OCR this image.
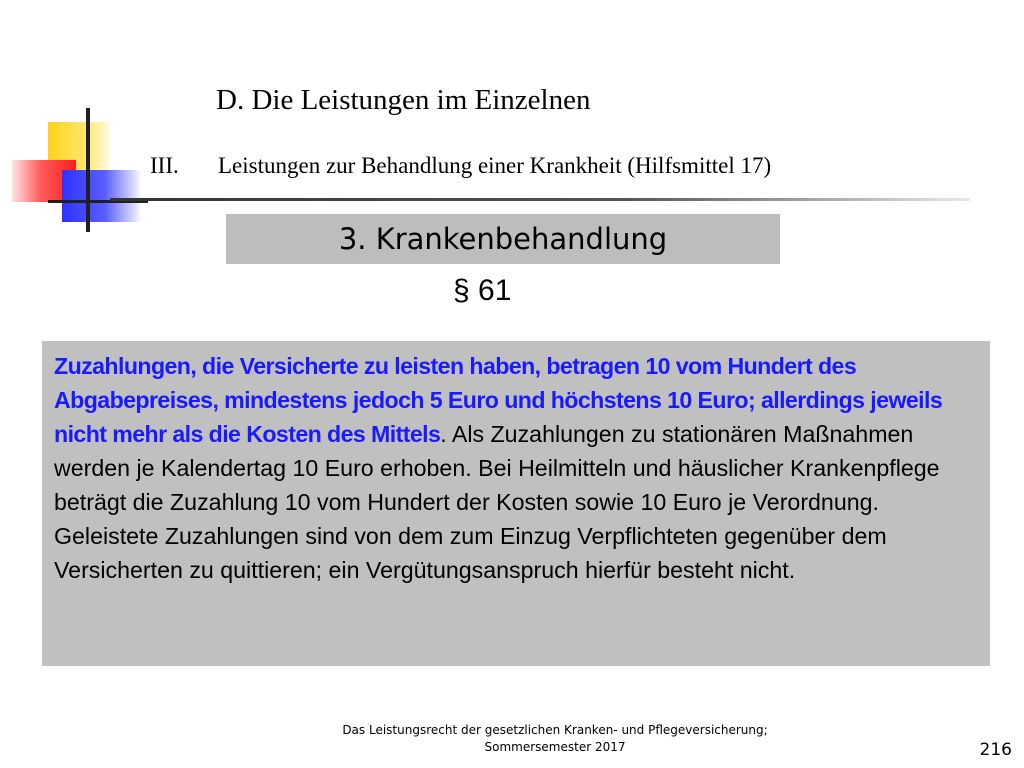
D. Die Leistungen im Einzelnen
III. Leistungen zur Behandlung einer Krankheit (Hilfsmittel 17)
3. Krankenbehandlung
§ 61
Zuzahlungen, die Versicherte zu leisten haben, betragen 10 vom Hundert des Abgabepreises, mindestens jedoch 5 Euro und höchstens 10 Euro; allerdings jeweils nicht mehr als die Kosten des Mittels. Als Zuzahlungen zu stationären Maßnahmen werden je Kalendertag 10 Euro erhoben. Bei Heilmitteln und häuslicher Krankenpflege beträgt die Zuzahlung 10 vom Hundert der Kosten sowie 10 Euro je Verordnung. Geleistete Zuzahlungen sind von dem zum Einzug Verpflichteten gegenüber dem Versicherten zu quittieren; ein Vergütungsanspruch hierfür besteht nicht.
Das Leistungsrecht der gesetzlichen Kranken- und Pflegeversicherung;
Sommersemester 2017	216
